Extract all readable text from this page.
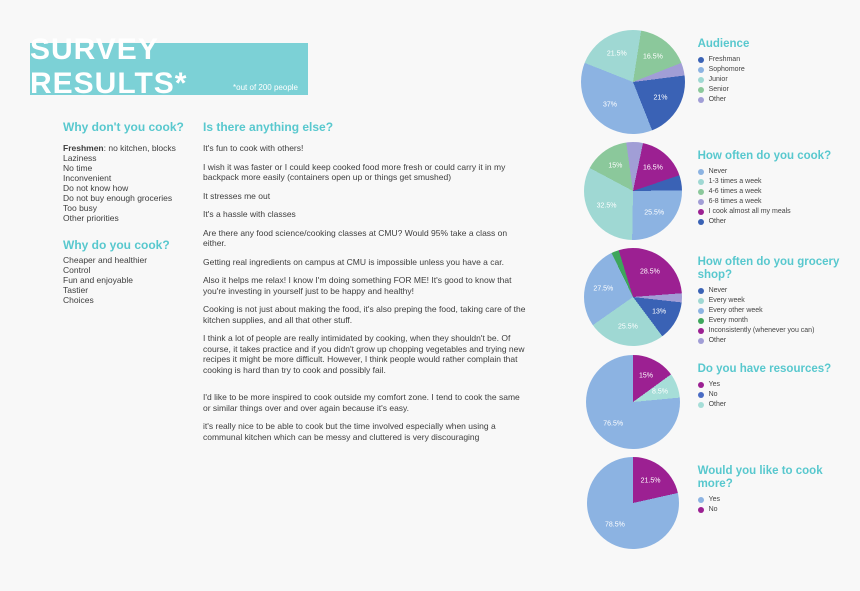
SURVEY RESULTS*	*out of 200 people
Why don't you cook?
Freshmen: no kitchen, blocks
Laziness
No time
Inconvenient
Do not know how
Do not buy enough groceries
Too busy
Other priorities
Why do you cook?
Cheaper and healthier
Control
Fun and enjoyable
Tastier
Choices
Is there anything else?
It's fun to cook with others!
I wish it was faster or I could keep cooked food more fresh or could carry it in my backpack more easily (containers open up or things get smushed)
It stresses me out
It's a hassle with classes
Are there any food science/cooking classes at CMU? Would 95% take a class on either.
Getting real ingredients on campus at CMU is impossible unless you have a car.
Also it helps me relax! I know I'm doing something FOR ME! It's good to know that you're investing in yourself just to be happy and healthy!
Cooking is not just about making the food, it's also preping the food, taking care of the kitchen supplies, and all that other stuff.
I think a lot of people are really intimidated by cooking, when they shouldn't be. Of course, it takes practice and if you didn't grow up chopping vegetables and trying new recipes it might be more difficult. However, I think people would rather complain that cooking is hard than try to cook and possibly fail.
I'd like to be more inspired to cook outside my comfort zone. I tend to cook the same or similar things over and over again because it's easy.
it's really nice to be able to cook but the time involved especially when using a communal kitchen which can be messy and cluttered is very discouraging
16.5%
21%
37%
21.5%
Audience
Freshman
Sophomore
Junior
Senior
Other
16.5%
25.5%
32.5%
15%
How often do you cook?
Never
1-3 times a week
4-6 times a week
6-8 times a week
I cook almost all my meals
Other
28.5%
13%
25.5%
27.5%
How often do you grocery shop?
Never
Every week
Every other week
Every month
Inconsistently (whenever you can)
Other
15%
8.5%
76.5%
Do you have resources?
Yes
No
Other
21.5%
78.5%
Would you like to cook more?
Yes
No
